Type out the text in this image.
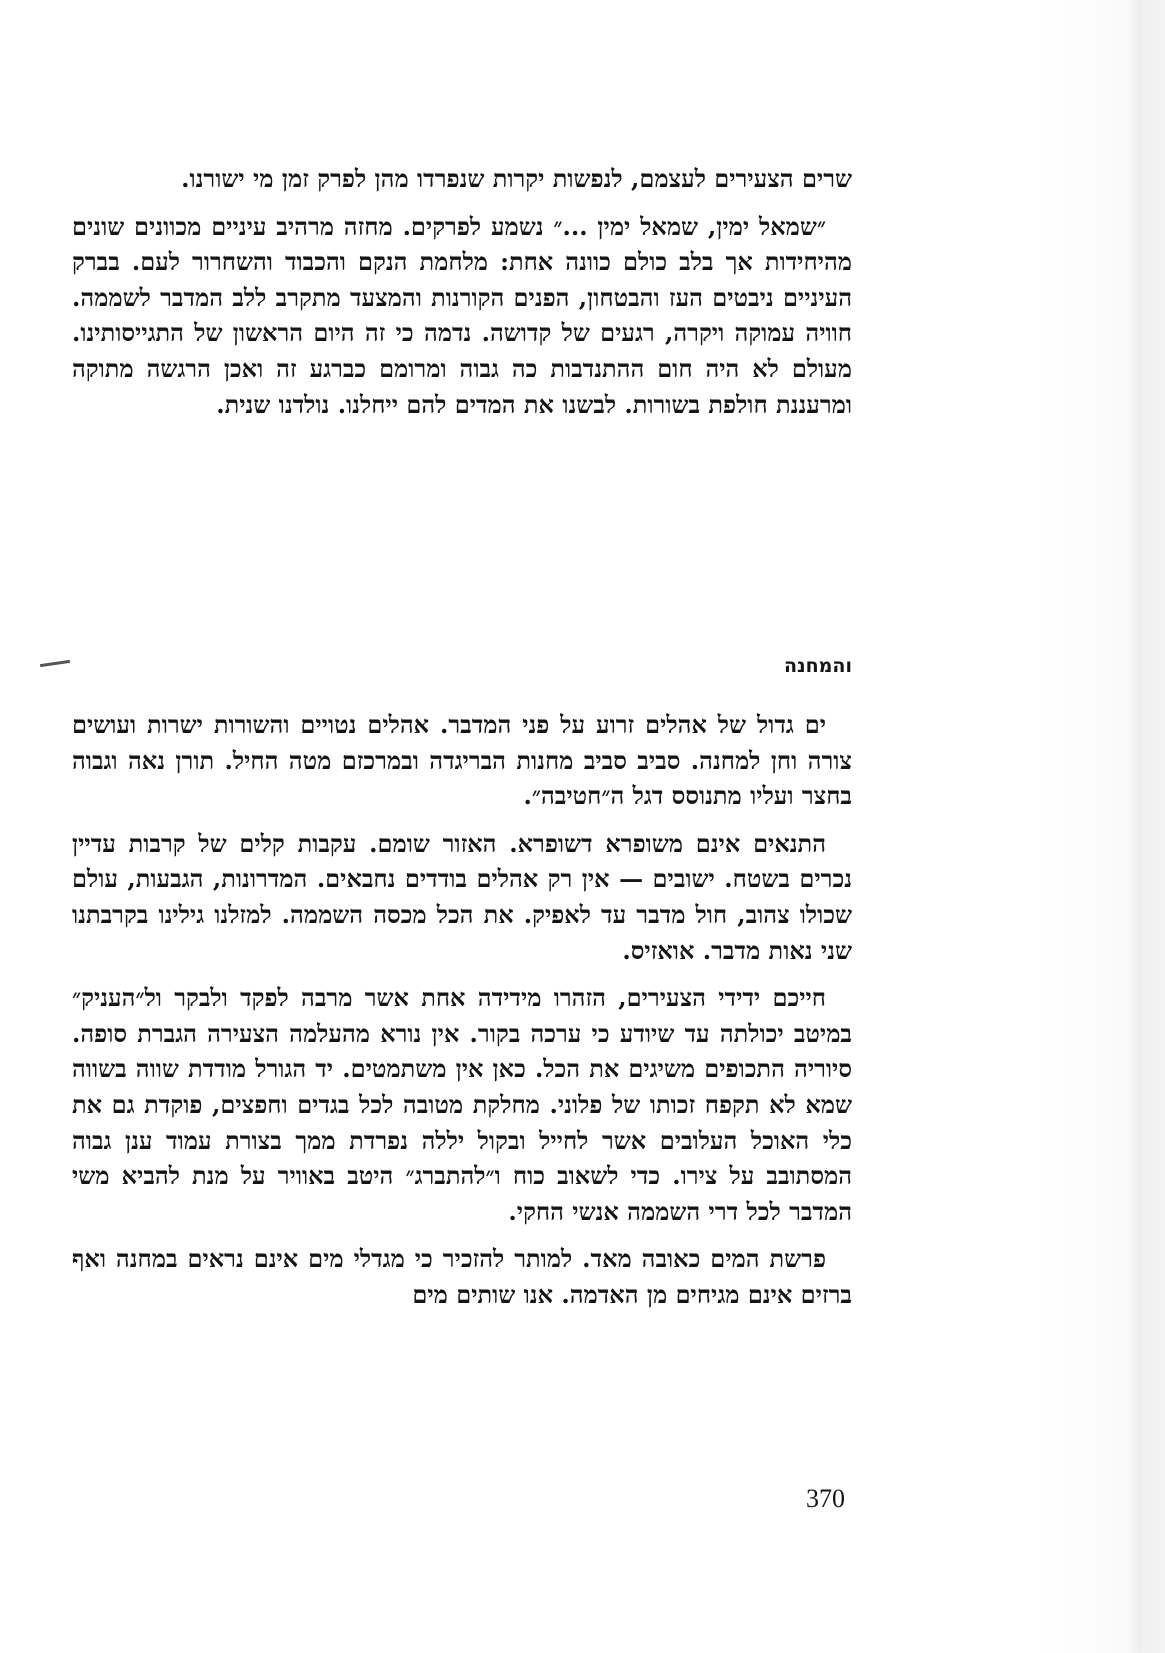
שרים הצעירים לעצמם, לנפשות יקרות שנפרדו מהן לפרק זמן מי ישורנו.

״שמאל ימין, שמאל ימין ...״ נשמע לפרקים. מחזה מרהיב עיניים מכוונים שונים מהיחידות אך בלב כולם כוונה אחת: מלחמת הנקם והכבוד והשחרור לעם. בברק העיניים ניבטים העז והבטחון, הפנים הקורנות והמצעד מתקרב ללב המדבר לשממה. חוויה עמוקה ויקרה, רגעים של קדושה. נדמה כי זה היום הראשון של התגייסותינו. מעולם לא היה חום ההתנדבות כה גבוה ומרומם כברגע זה ואכן הרגשה מתוקה ומרעננת חולפת בשורות. לבשנו את המדים להם ייחלנו. נולדנו שנית.

והמחנה

ים גדול של אהלים זרוע על פני המדבר. אהלים נטויים והשורות ישרות ועושים צורה וחן למחנה. סביב סביב מחנות הבריגדה ובמרכזם מטה החיל. תורן נאה וגבוה בחצר ועליו מתנוסס דגל ה״חטיבה״.

התנאים אינם משופרא דשופרא. האזור שומם. עקבות קלים של קרבות עדיין נכרים בשטח. ישובים — אין רק אהלים בודדים נחבאים. המדרונות, הגבעות, עולם שכולו צהוב, חול מדבר עד לאפיק. את הכל מכסה השממה. למזלנו גילינו בקרבתנו שני נאות מדבר. אואזיס.

חייכם ידידי הצעירים, הזהרו מידידה אחת אשר מרבה לפקד ולבקר ול״העניק״ במיטב יכולתה עד שיודע כי ערכה בקור. אין נורא מהעלמה הצעירה הגברת סופה. סיוריה התכופים משיגים את הכל. כאן אין משתמטים. יד הגורל מודדת שווה בשווה שמא לא תקפח זכותו של פלוני. מחלקת מטובה לכל בגדים וחפצים, פוקדת גם את כלי האוכל העלובים אשר לחייל ובקול יללה נפרדת ממך בצורת עמוד ענן גבוה המסתובב על צירו. כדי לשאוב כוח ו״להתברג״ היטב באוויר על מנת להביא משי המדבר לכל דרי השממה אנשי החקי.

פרשת המים כאובה מאד. למותר להזכיר כי מגדלי מים אינם נראים במחנה ואף ברזים אינם מגיחים מן האדמה. אנו שותים מים

370
